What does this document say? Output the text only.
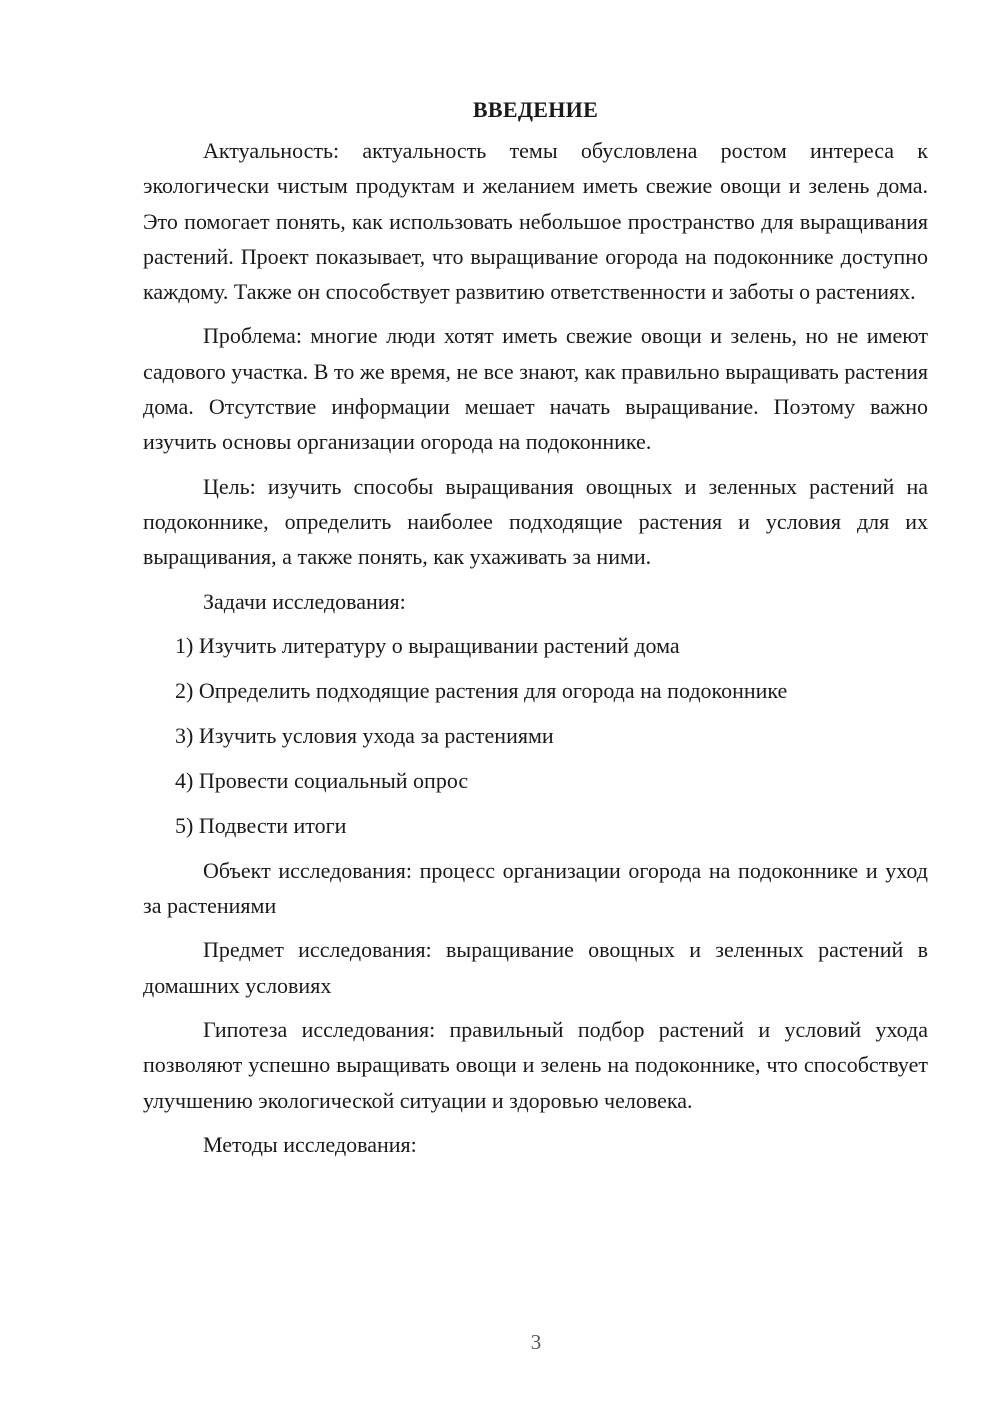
ВВЕДЕНИЕ

Актуальность: актуальность темы обусловлена ростом интереса к экологически чистым продуктам и желанием иметь свежие овощи и зелень дома. Это помогает понять, как использовать небольшое пространство для выращивания растений. Проект показывает, что выращивание огорода на подоконнике доступно каждому. Также он способствует развитию ответственности и заботы о растениях.

Проблема: многие люди хотят иметь свежие овощи и зелень, но не имеют садового участка. В то же время, не все знают, как правильно выращивать растения дома. Отсутствие информации мешает начать выращивание. Поэтому важно изучить основы организации огорода на подоконнике.

Цель: изучить способы выращивания овощных и зеленных растений на подоконнике, определить наиболее подходящие растения и условия для их выращивания, а также понять, как ухаживать за ними.

Задачи исследования:

1) Изучить литературу о выращивании растений дома
2) Определить подходящие растения для огорода на подоконнике
3) Изучить условия ухода за растениями
4) Провести социальный опрос
5) Подвести итоги

Объект исследования: процесс организации огорода на подоконнике и уход за растениями

Предмет исследования: выращивание овощных и зеленных растений в домашних условиях

Гипотеза исследования: правильный подбор растений и условий ухода позволяют успешно выращивать овощи и зелень на подоконнике, что способствует улучшению экологической ситуации и здоровью человека.

Методы исследования:

3
